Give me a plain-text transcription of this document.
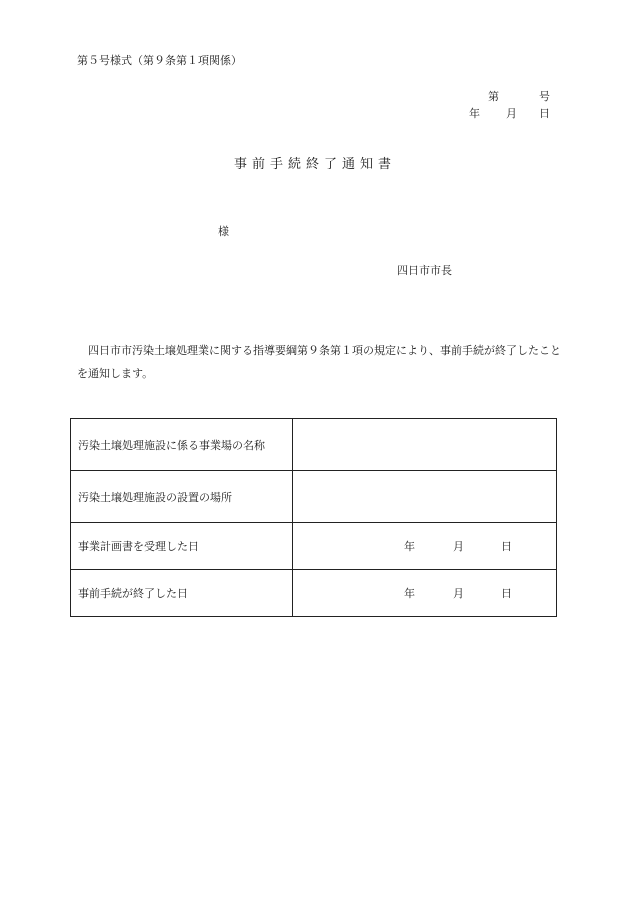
第５号様式（第９条第１項関係）
第	号
年 月 日
事前手続終了通知書
様
四日市市長
四日市市汚染土壌処理業に関する指導要綱第９条第１項の規定により、事前手続が終了したことを通知します。
汚染土壌処理施設に係る事業場の名称	
汚染土壌処理施設の設置の場所	
事業計画書を受理した日	年 月 日

事前手続が終了した日	年 月 日
